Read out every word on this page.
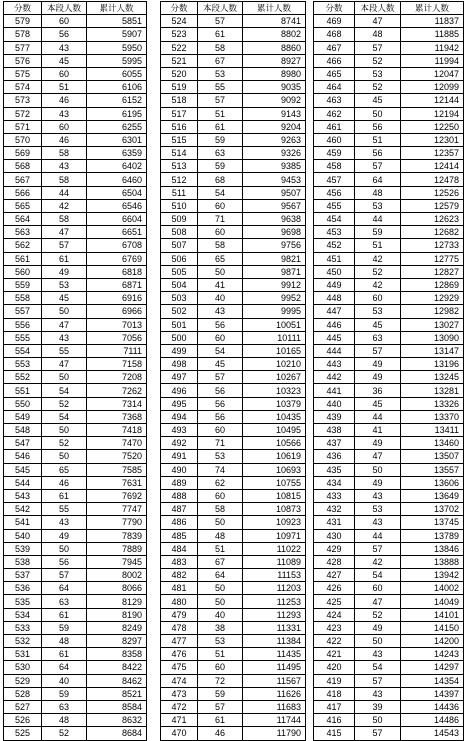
分数	本段人数	累计人数
579	60	5851
578	56	5907
577	43	5950
576	45	5995
575	60	6055
574	51	6106
573	46	6152
572	43	6195
571	60	6255
570	46	6301
569	58	6359
568	43	6402
567	58	6460
566	44	6504
565	42	6546
564	58	6604
563	47	6651
562	57	6708
561	61	6769
560	49	6818
559	53	6871
558	45	6916
557	50	6966
556	47	7013
555	43	7056
554	55	7111
553	47	7158
552	50	7208
551	54	7262
550	52	7314
549	54	7368
548	50	7418
547	52	7470
546	50	7520
545	65	7585
544	46	7631
543	61	7692
542	55	7747
541	43	7790
540	49	7839
539	50	7889
538	56	7945
537	57	8002
536	64	8066
535	63	8129
534	61	8190
533	59	8249
532	48	8297
531	61	8358
530	64	8422
529	40	8462
528	59	8521
527	63	8584
526	48	8632
525	52	8684
分数	本段人数	累计人数
524	57	8741
523	61	8802
522	58	8860
521	67	8927
520	53	8980
519	55	9035
518	57	9092
517	51	9143
516	61	9204
515	59	9263
514	63	9326
513	59	9385
512	68	9453
511	54	9507
510	60	9567
509	71	9638
508	60	9698
507	58	9756
506	65	9821
505	50	9871
504	41	9912
503	40	9952
502	43	9995
501	56	10051
500	60	10111
499	54	10165
498	45	10210
497	57	10267
496	56	10323
495	56	10379
494	56	10435
493	60	10495
492	71	10566
491	53	10619
490	74	10693
489	62	10755
488	60	10815
487	58	10873
486	50	10923
485	48	10971
484	51	11022
483	67	11089
482	64	11153
481	50	11203
480	50	11253
479	40	11293
478	38	11331
477	53	11384
476	51	11435
475	60	11495
474	72	11567
473	59	11626
472	57	11683
471	61	11744
470	46	11790
分数	本段人数	累计人数
469	47	11837
468	48	11885
467	57	11942
466	52	11994
465	53	12047
464	52	12099
463	45	12144
462	50	12194
461	56	12250
460	51	12301
459	56	12357
458	57	12414
457	64	12478
456	48	12526
455	53	12579
454	44	12623
453	59	12682
452	51	12733
451	42	12775
450	52	12827
449	42	12869
448	60	12929
447	53	12982
446	45	13027
445	63	13090
444	57	13147
443	49	13196
442	49	13245
441	36	13281
440	45	13326
439	44	13370
438	41	13411
437	49	13460
436	47	13507
435	50	13557
434	49	13606
433	43	13649
432	53	13702
431	43	13745
430	44	13789
429	57	13846
428	42	13888
427	54	13942
426	60	14002
425	47	14049
424	52	14101
423	49	14150
422	50	14200
421	43	14243
420	54	14297
419	57	14354
418	43	14397
417	39	14436
416	50	14486
415	57	14543
